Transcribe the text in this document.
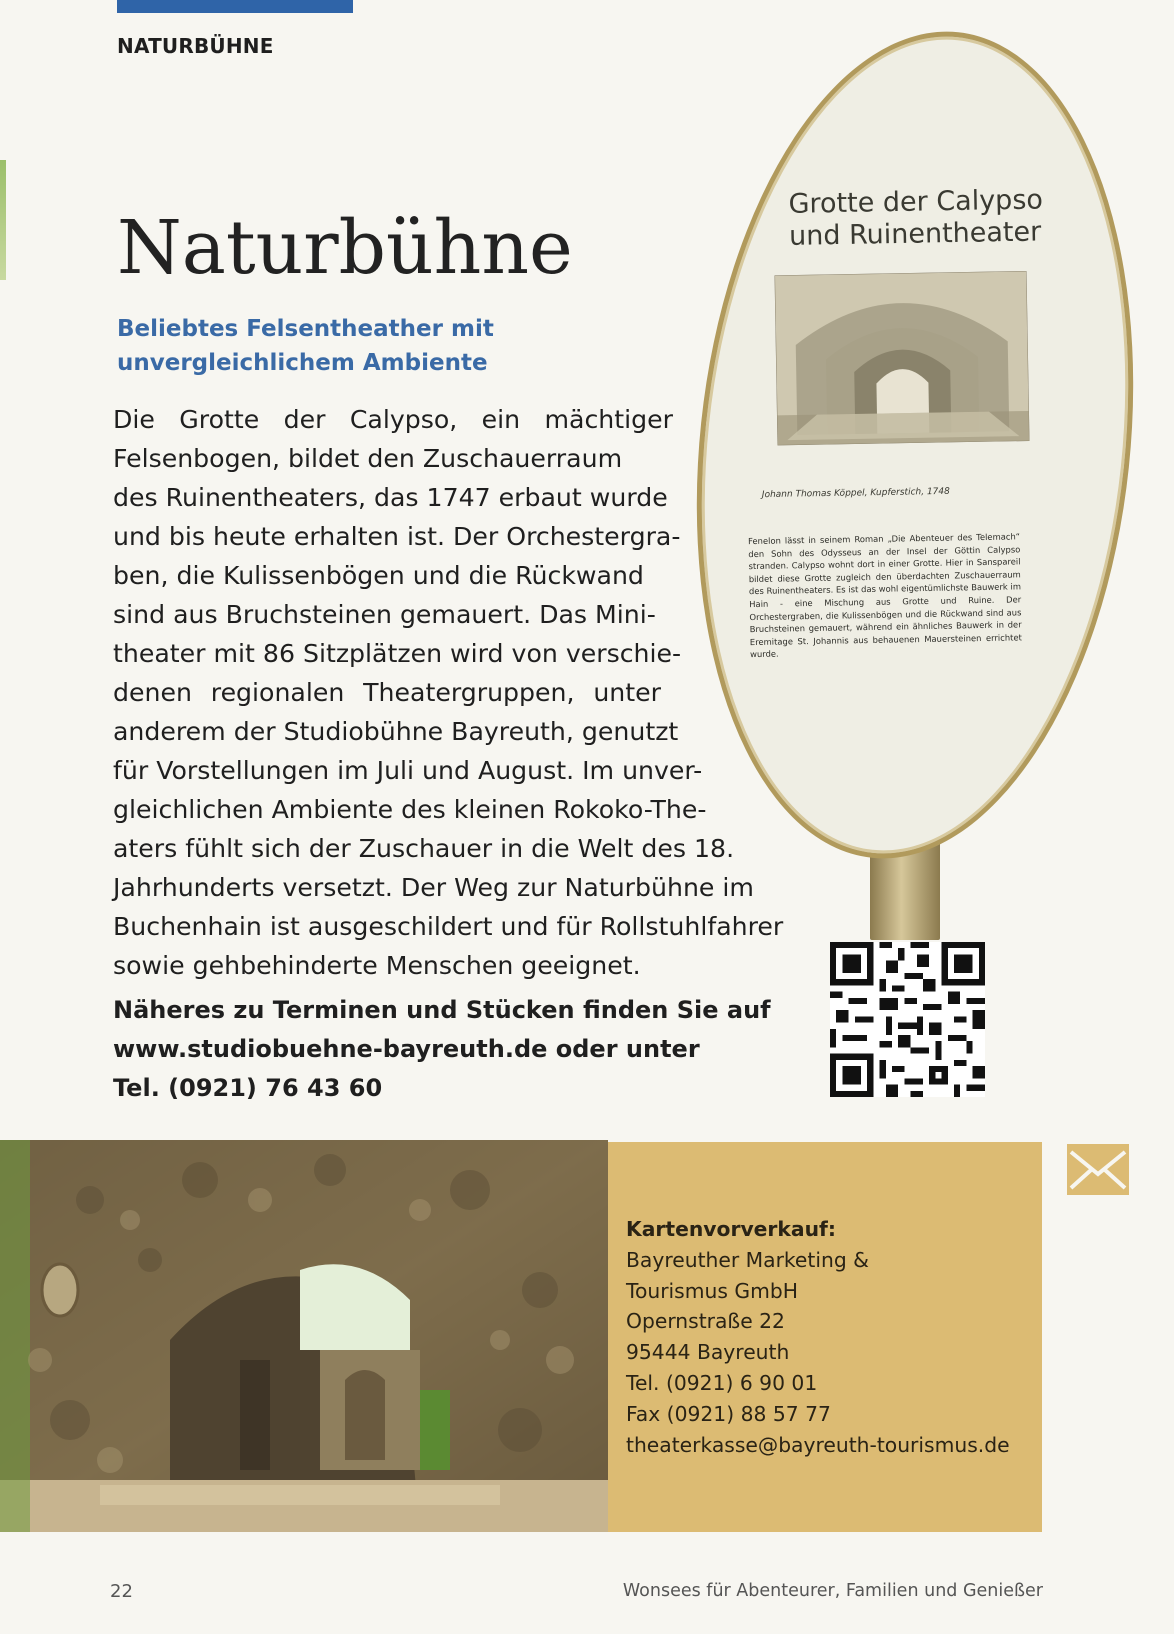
NATURBÜHNE
Naturbühne
Beliebtes Felsentheather mit
unvergleichlichem Ambiente
Die Grotte der Calypso, ein mächtiger
Felsenbogen, bildet den Zuschauerraum
des Ruinentheaters, das 1747 erbaut wurde
und bis heute erhalten ist. Der Orchestergra-
ben, die Kulissenbögen und die Rückwand
sind aus Bruchsteinen gemauert. Das Mini-
theater mit 86 Sitzplätzen wird von verschie-
denen regionalen Theatergruppen, unter
anderem der Studiobühne Bayreuth, genutzt
für Vorstellungen im Juli und August. Im unver-
gleichlichen Ambiente des kleinen Rokoko-The-
aters fühlt sich der Zuschauer in die Welt des 18.
Jahrhunderts versetzt. Der Weg zur Naturbühne im
Buchenhain ist ausgeschildert und für Rollstuhlfahrer
sowie gehbehinderte Menschen geeignet.
Näheres zu Terminen und Stücken finden Sie auf
www.studiobuehne-bayreuth.de oder unter
Tel. (0921) 76 43 60
Grotte der Calypso
und Ruinentheater
Johann Thomas Köppel, Kupferstich, 1748
Fenelon lässt in seinem Roman „Die Abenteuer des Telemach“ den Sohn des Odysseus an der Insel der Göttin Calypso stranden. Calypso wohnt dort in einer Grotte. Hier in Sanspareil bildet diese Grotte zugleich den überdachten Zuschauerraum des Ruinentheaters. Es ist das wohl eigentümlichste Bauwerk im Hain - eine Mischung aus Grotte und Ruine. Der Orchestergraben, die Kulissenbögen und die Rückwand sind aus Bruchsteinen gemauert, während ein ähnliches Bauwerk in der Eremitage St. Johannis aus behauenen Mauersteinen errichtet wurde.
Kartenvorverkauf:
Bayreuther Marketing &
Tourismus GmbH
Opernstraße 22
95444 Bayreuth
Tel. (0921) 6 90 01
Fax (0921) 88 57 77
theaterkasse@bayreuth-tourismus.de
22	Wonsees für Abenteurer, Familien und Genießer
